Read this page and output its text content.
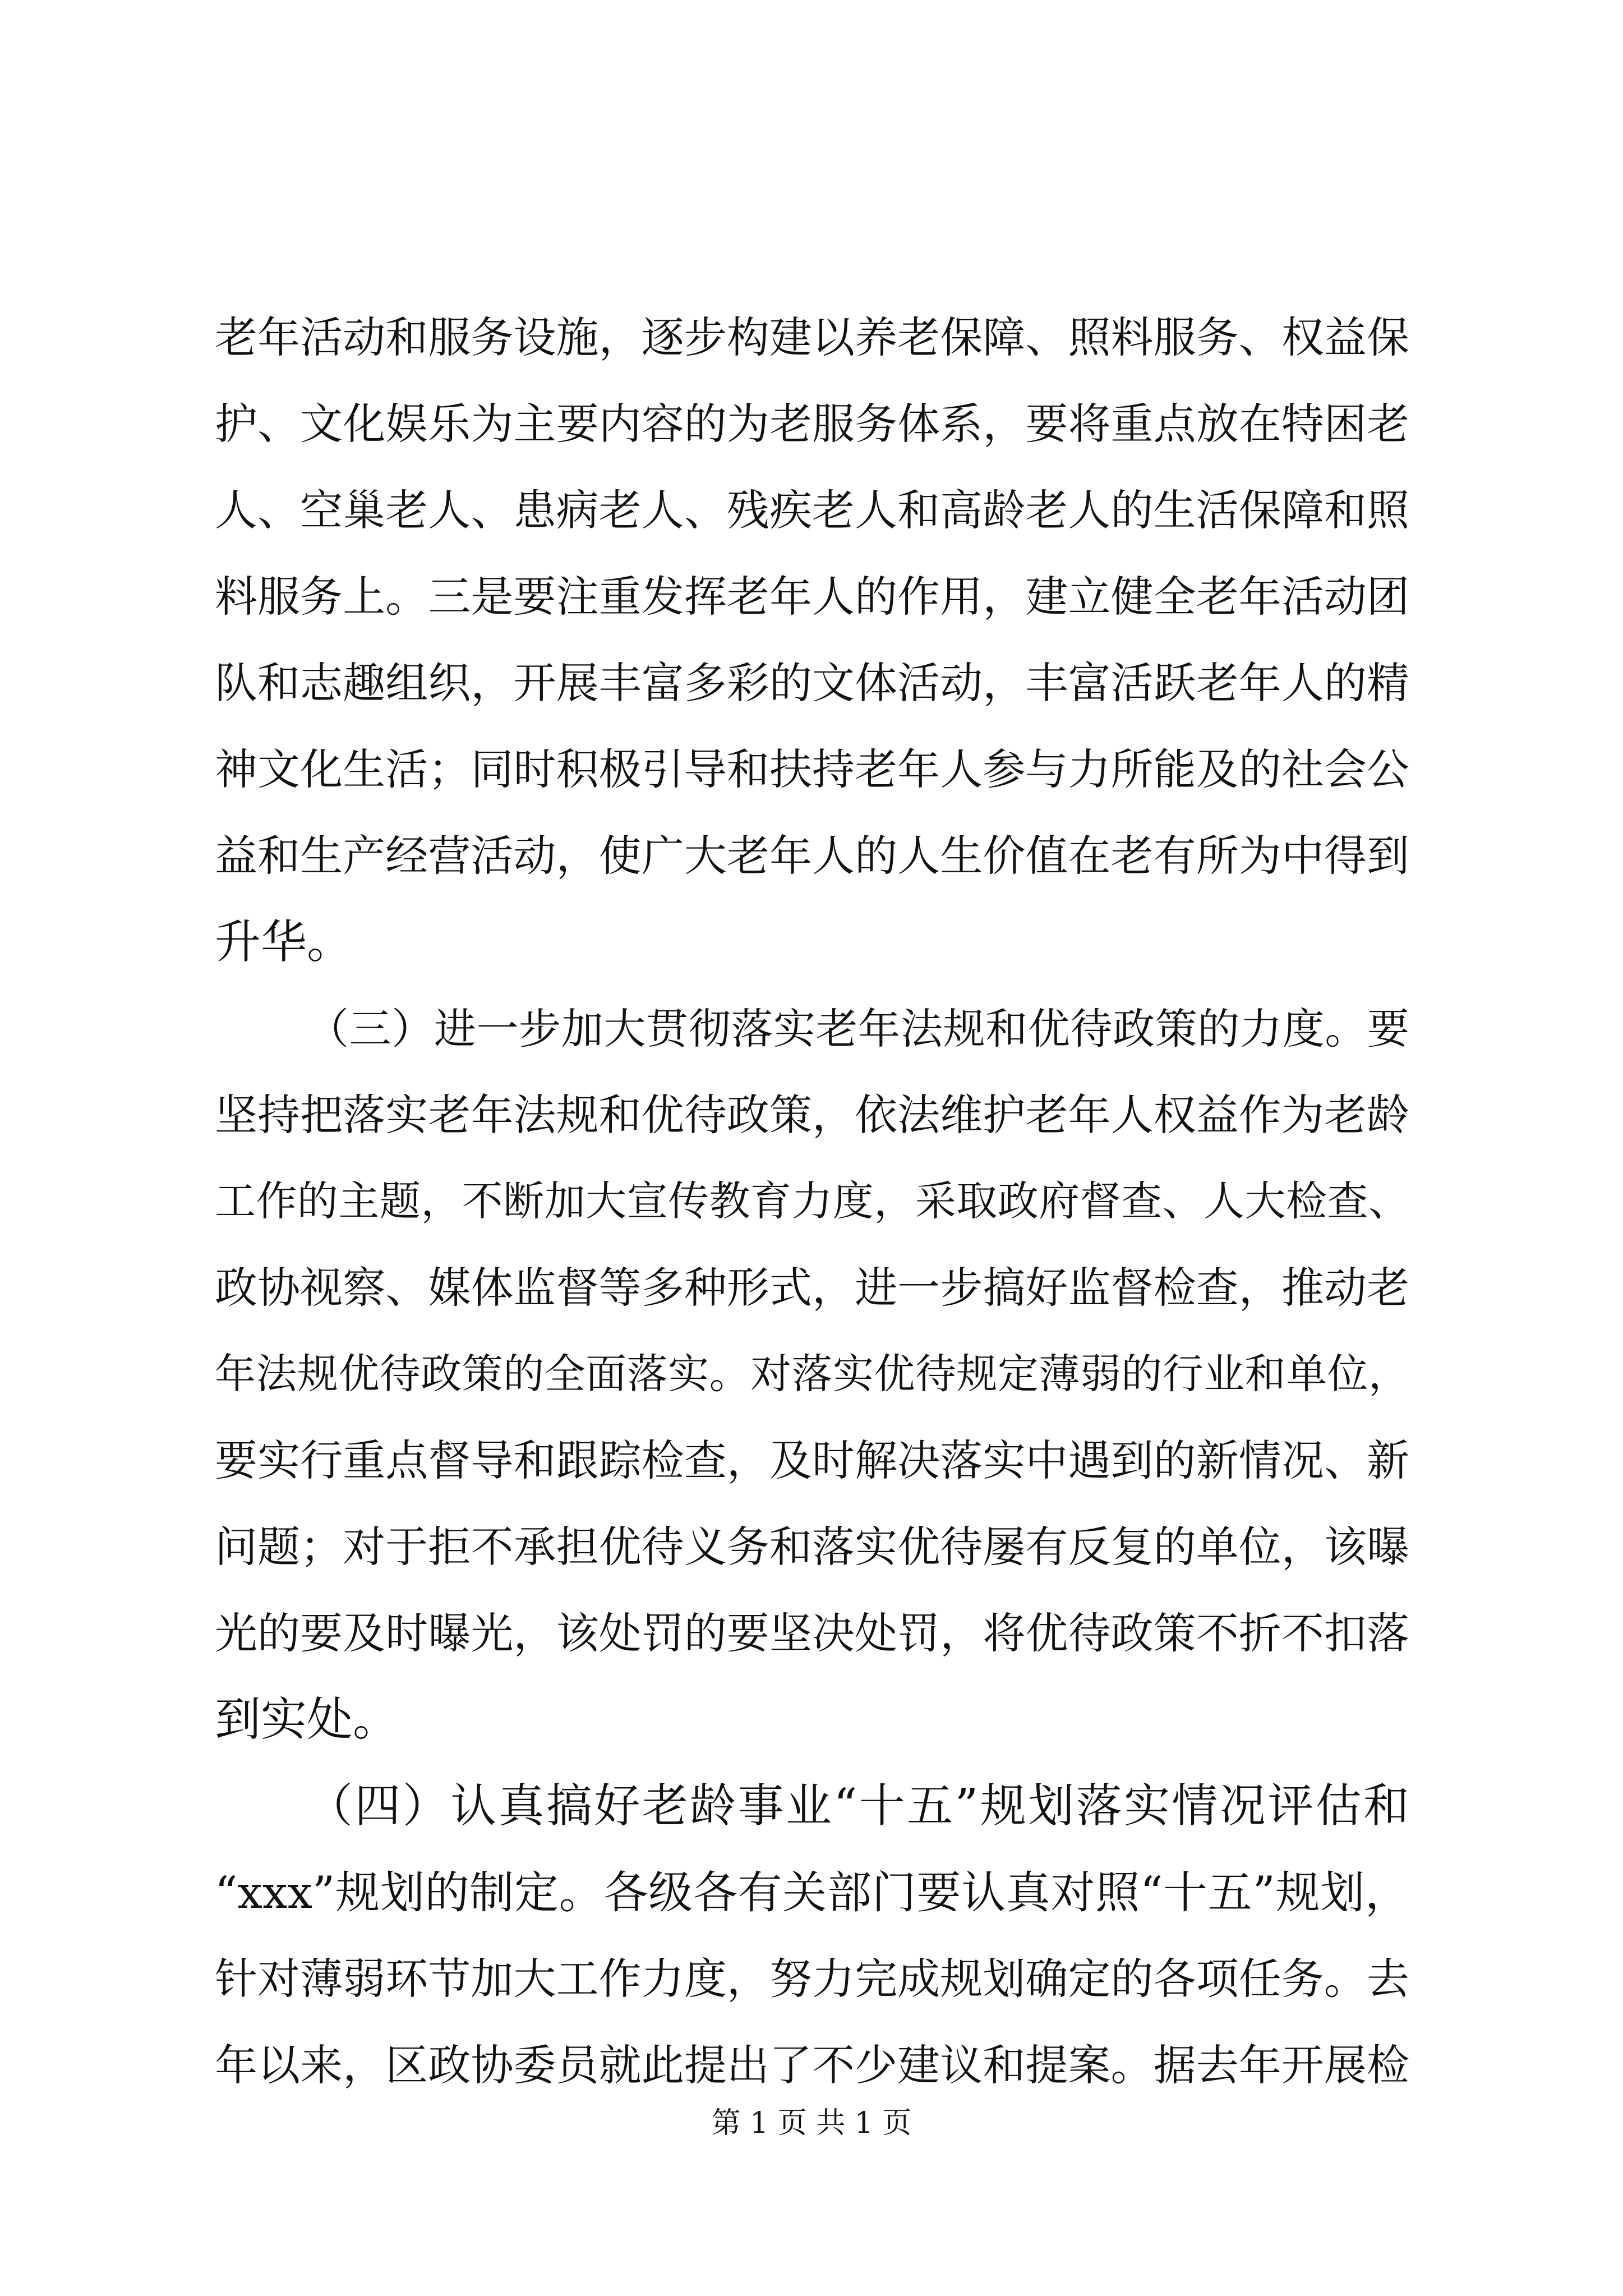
老年活动和服务设施，逐步构建以养老保障、照料服务、权益保
护、文化娱乐为主要内容的为老服务体系，要将重点放在特困老
人、空巢老人、患病老人、残疾老人和高龄老人的生活保障和照
料服务上。三是要注重发挥老年人的作用，建立健全老年活动团
队和志趣组织，开展丰富多彩的文体活动，丰富活跃老年人的精
神文化生活；同时积极引导和扶持老年人参与力所能及的社会公
益和生产经营活动，使广大老年人的人生价值在老有所为中得到
升华。
（三）进一步加大贯彻落实老年法规和优待政策的力度。要
坚持把落实老年法规和优待政策，依法维护老年人权益作为老龄
工作的主题，不断加大宣传教育力度，采取政府督查、人大检查、
政协视察、媒体监督等多种形式，进一步搞好监督检查，推动老
年法规优待政策的全面落实。对落实优待规定薄弱的行业和单位，
要实行重点督导和跟踪检查，及时解决落实中遇到的新情况、新
问题；对于拒不承担优待义务和落实优待屡有反复的单位，该曝
光的要及时曝光，该处罚的要坚决处罚，将优待政策不折不扣落
到实处。
（四）认真搞好老龄事业“十五”规划落实情况评估和
“xxx”规划的制定。各级各有关部门要认真对照“十五”规划，
针对薄弱环节加大工作力度，努力完成规划确定的各项任务。去
年以来，区政协委员就此提出了不少建议和提案。据去年开展检
第 1 页 共 1 页
